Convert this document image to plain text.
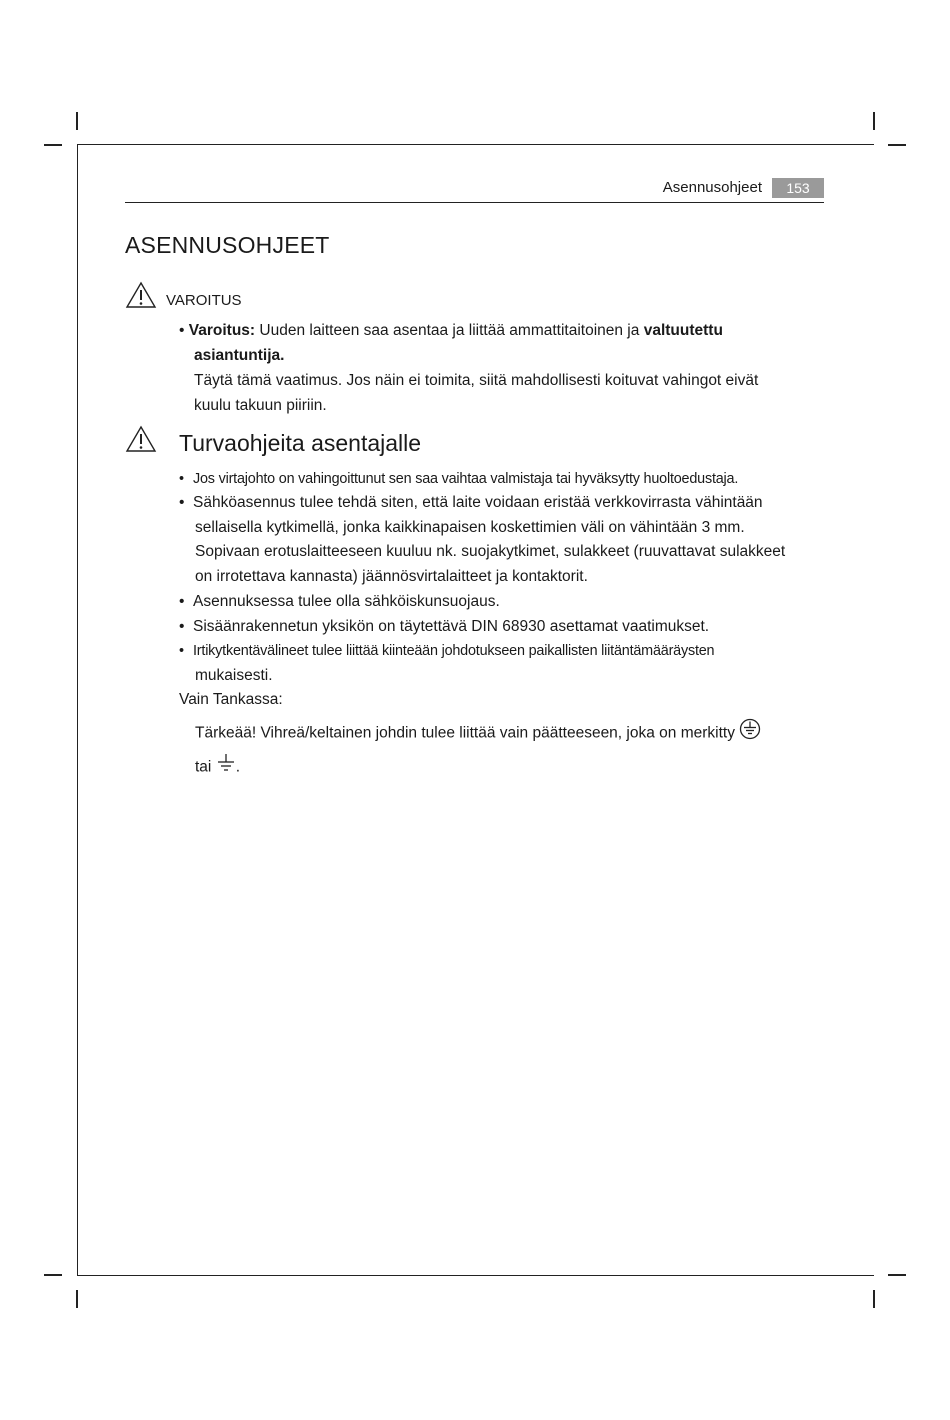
Asennusohjeet	153
ASENNUSOHJEET
VAROITUS
• Varoitus: Uuden laitteen saa asentaa ja liittää ammattitaitoinen ja valtuutettu
asiantuntija.
Täytä tämä vaatimus. Jos näin ei toimita, siitä mahdollisesti koituvat vahingot eivät
kuulu takuun piiriin.
Turvaohjeita asentajalle
• Jos virtajohto on vahingoittunut sen saa vaihtaa valmistaja tai hyväksytty huoltoedustaja.
• Sähköasennus tulee tehdä siten, että laite voidaan eristää verkkovirrasta vähintään
sellaisella kytkimellä, jonka kaikkinapaisen koskettimien väli on vähintään 3 mm.
Sopivaan erotuslaitteeseen kuuluu nk. suojakytkimet, sulakkeet (ruuvattavat sulakkeet
on irrotettava kannasta) jäännösvirtalaitteet ja kontaktorit.
• Asennuksessa tulee olla sähköiskunsuojaus.
• Sisäänrakennetun yksikön on täytettävä DIN 68930 asettamat vaatimukset.
• Irtikytkentävälineet tulee liittää kiinteään johdotukseen paikallisten liitäntämääräysten
mukaisesti.
Vain Tankassa:
Tärkeää! Vihreä/keltainen johdin tulee liittää vain päätteeseen, joka on merkitty
tai .
